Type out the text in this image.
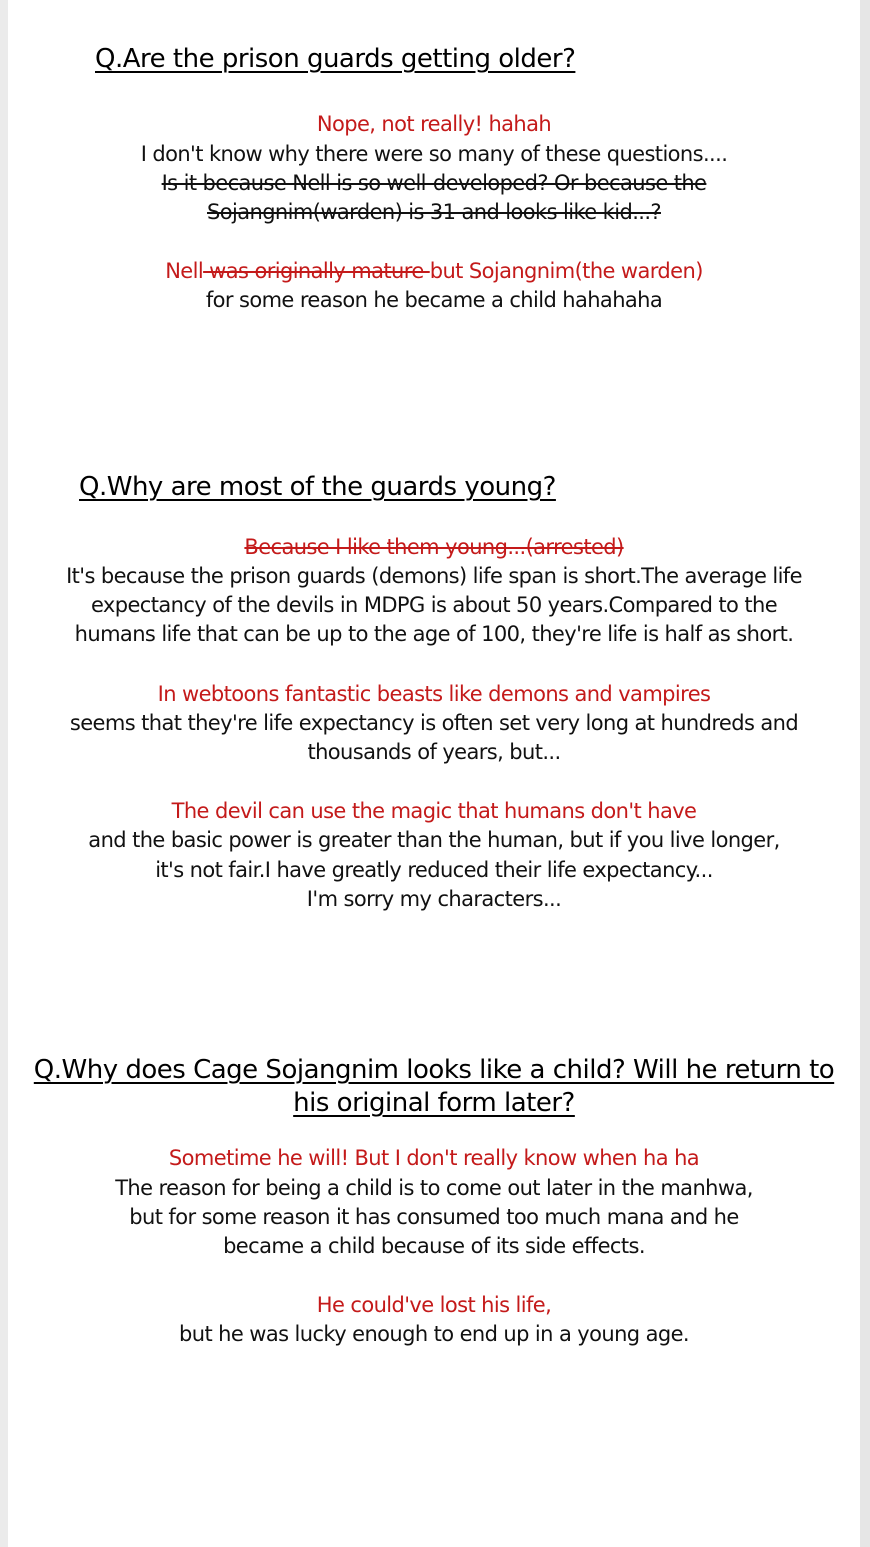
Q.Are the prison guards getting older?

Nope, not really! hahah

I don't know why there were so many of these questions....

Is it because Nell is so well-developed? Or because the

Sojangnim(warden) is 31 and looks like kid...?

Nell was originally mature but Sojangnim(the warden)

for some reason he became a child hahahaha

Q.Why are most of the guards young?

Because I like them young...(arrested)

It's because the prison guards (demons) life span is short.The average life

expectancy of the devils in MDPG is about 50 years.Compared to the

humans life that can be up to the age of 100, they're life is half as short.

In webtoons fantastic beasts like demons and vampires

seems that they're life expectancy is often set very long at hundreds and

thousands of years, but...

The devil can use the magic that humans don't have

and the basic power is greater than the human, but if you live longer,

it's not fair.I have greatly reduced their life expectancy...

I'm sorry my characters...

Q.Why does Cage Sojangnim looks like a child? Will he return to
his original form later?

Sometime he will! But I don't really know when ha ha

The reason for being a child is to come out later in the manhwa,

but for some reason it has consumed too much mana and he

became a child because of its side effects.

He could've lost his life,

but he was lucky enough to end up in a young age.
